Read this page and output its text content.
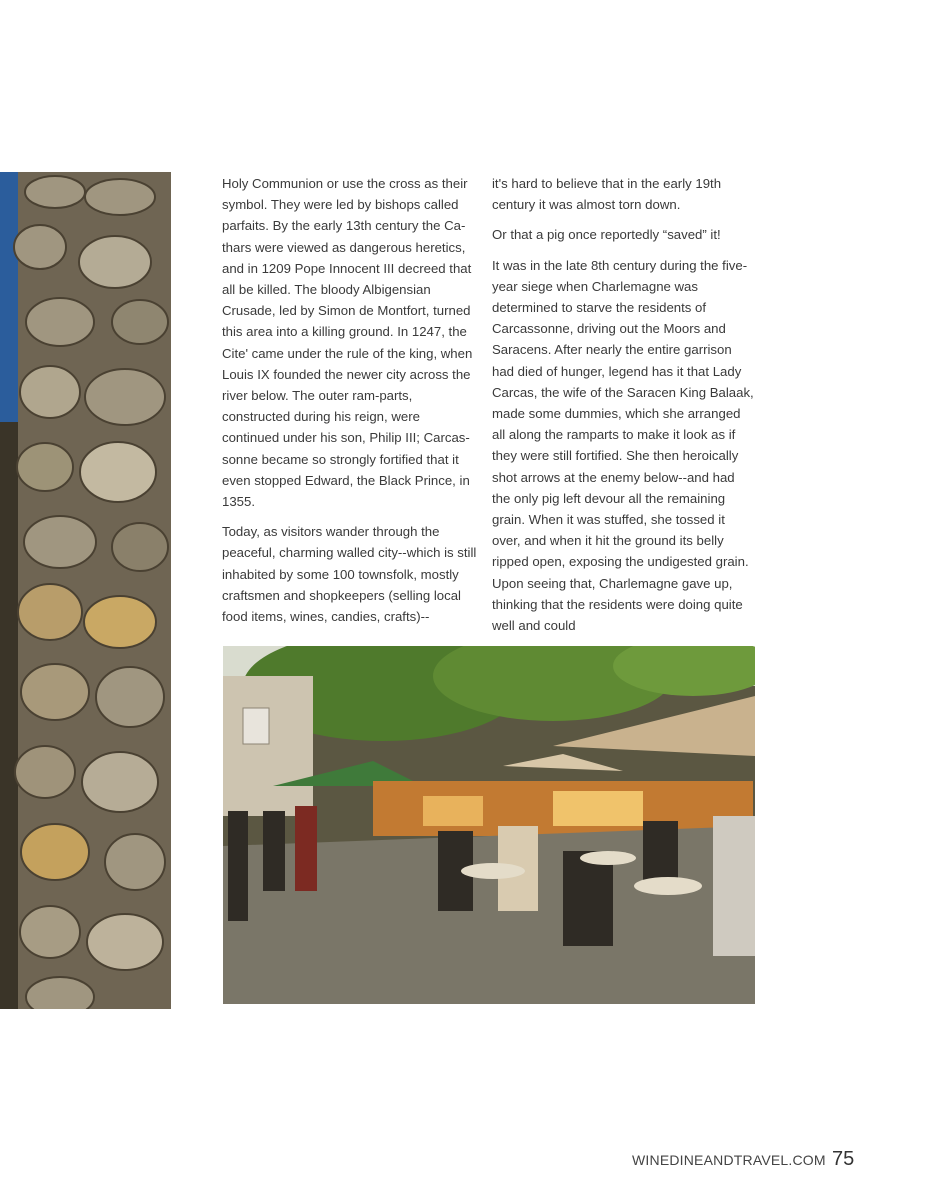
Holy Communion or use the cross as their symbol. They were led by bishops called parfaits. By the early 13th century the Ca-thars were viewed as dangerous heretics, and in 1209 Pope Innocent III decreed that all be killed. The bloody Albigensian Crusade, led by Simon de Montfort, turned this area into a killing ground. In 1247, the Cite' came under the rule of the king, when Louis IX founded the newer city across the river below. The outer ram-parts, constructed during his reign, were continued under his son, Philip III; Carcas-sonne became so strongly fortified that it even stopped Edward, the Black Prince, in 1355.

Today, as visitors wander through the peaceful, charming walled city--which is still inhabited by some 100 townsfolk, mostly craftsmen and shopkeepers (selling local food items, wines, candies, crafts)--

it's hard to believe that in the early 19th century it was almost torn down.

Or that a pig once reportedly “saved” it!

It was in the late 8th century during the five-year siege when Charlemagne was determined to starve the residents of Carcassonne, driving out the Moors and Saracens. After nearly the entire garrison had died of hunger, legend has it that Lady Carcas, the wife of the Saracen King Balaak, made some dummies, which she arranged all along the ramparts to make it look as if they were still fortified. She then heroically shot arrows at the enemy below--and had the only pig left devour all the remaining grain. When it was stuffed, she tossed it over, and when it hit the ground its belly ripped open, exposing the undigested grain. Upon seeing that, Charlemagne gave up, thinking that the residents were doing quite well and could

WINEDINEANDTRAVEL.COM 75
